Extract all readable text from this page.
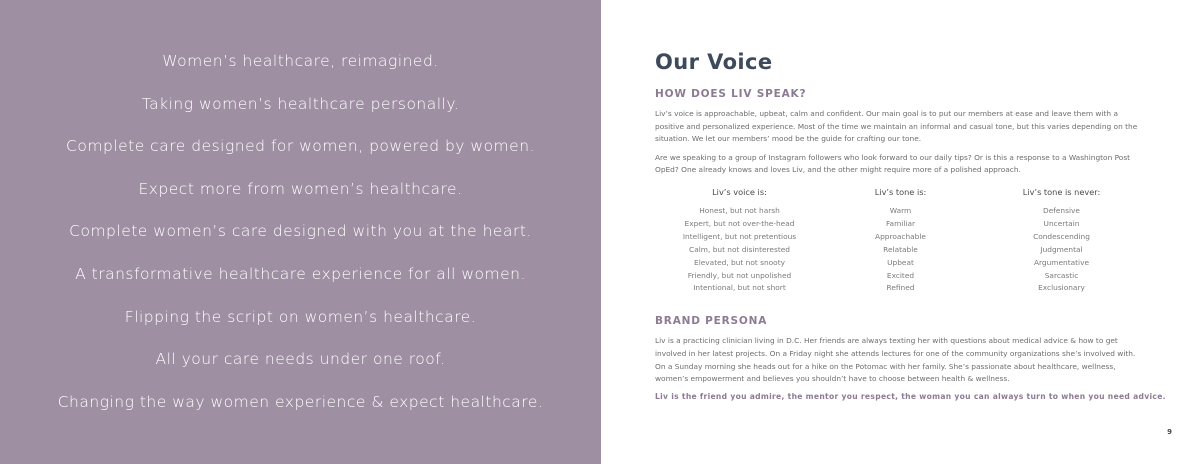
Women’s healthcare, reimagined.

Taking women’s healthcare personally.

Complete care designed for women, powered by women.

Expect more from women’s healthcare.

Complete women’s care designed with you at the heart.

A transformative healthcare experience for all women.

Flipping the script on women’s healthcare.

All your care needs under one roof.

Changing the way women experience & expect healthcare.

Our Voice
HOW DOES LIV SPEAK?

Liv’s voice is approachable, upbeat, calm and confident. Our main goal is to put our members at ease and leave them with a positive and personalized experience. Most of the time we maintain an informal and casual tone, but this varies depending on the situation. We let our members’ mood be the guide for crafting our tone.

Are we speaking to a group of Instagram followers who look forward to our daily tips? Or is this a response to a Washington Post OpEd? One already knows and loves Liv, and the other might require more of a polished approach.

Liv’s voice is:

Honest, but not harsh

Expert, but not over-the-head

Intelligent, but not pretentious

Calm, but not disinterested

Elevated, but not snooty

Friendly, but not unpolished

Intentional, but not short

Liv’s tone is:

Warm

Familiar

Approachable

Relatable

Upbeat

Excited

Refined

Liv’s tone is never:

Defensive

Uncertain

Condescending

Judgmental

Argumentative

Sarcastic

Exclusionary

BRAND PERSONA

Liv is a practicing clinician living in D.C. Her friends are always texting her with questions about medical advice & how to get involved in her latest projects. On a Friday night she attends lectures for one of the community organizations she’s involved with. On a Sunday morning she heads out for a hike on the Potomac with her family. She’s passionate about healthcare, wellness, women’s empowerment and believes you shouldn’t have to choose between health & wellness.

Liv is the friend you admire, the mentor you respect, the woman you can always turn to when you need advice.

9
